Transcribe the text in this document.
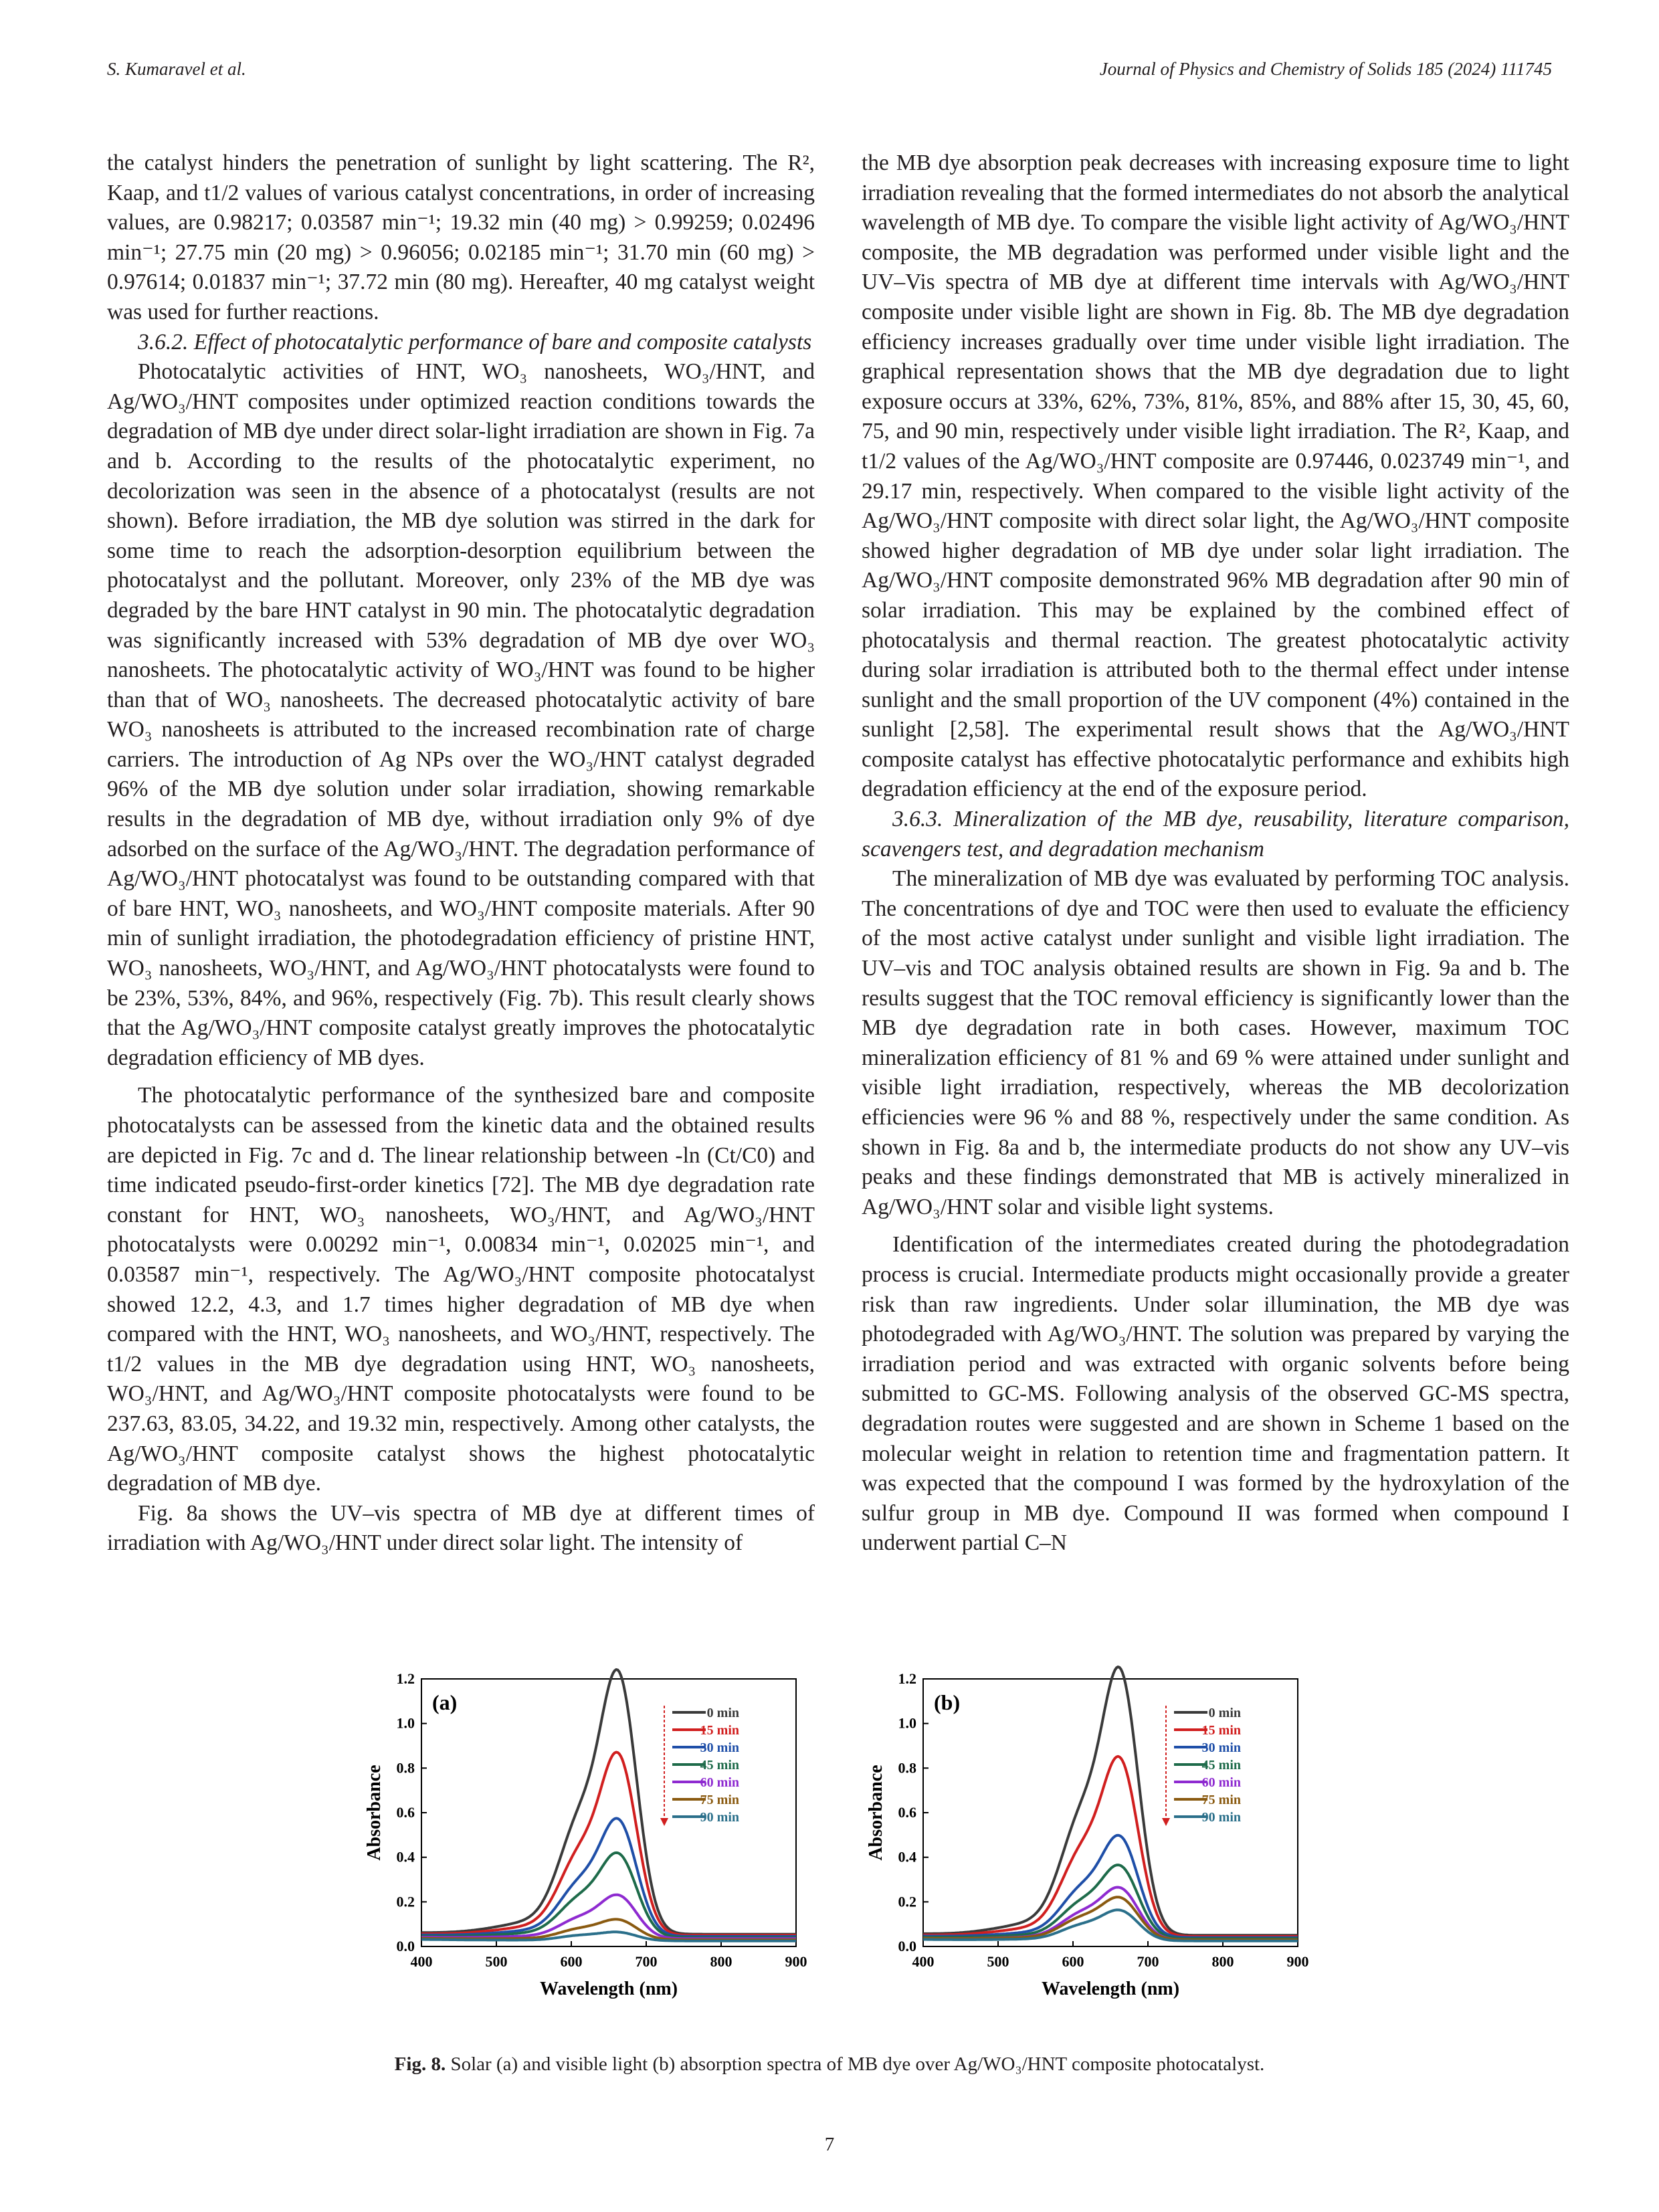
S. Kumaravel et al.	Journal of Physics and Chemistry of Solids 185 (2024) 111745

the catalyst hinders the penetration of sunlight by light scattering. The R², Kaap, and t1/2 values of various catalyst concentrations, in order of increasing values, are 0.98217; 0.03587 min⁻¹; 19.32 min (40 mg) > 0.99259; 0.02496 min⁻¹; 27.75 min (20 mg) > 0.96056; 0.02185 min⁻¹; 31.70 min (60 mg) > 0.97614; 0.01837 min⁻¹; 37.72 min (80 mg). Hereafter, 40 mg catalyst weight was used for further reactions.

3.6.2. Effect of photocatalytic performance of bare and composite catalysts

Photocatalytic activities of HNT, WO₃ nanosheets, WO₃/HNT, and Ag/WO₃/HNT composites under optimized reaction conditions towards the degradation of MB dye under direct solar-light irradiation are shown in Fig. 7a and b. According to the results of the photocatalytic experiment, no decolorization was seen in the absence of a photocatalyst (results are not shown). Before irradiation, the MB dye solution was stirred in the dark for some time to reach the adsorption-desorption equilibrium between the photocatalyst and the pollutant. Moreover, only 23% of the MB dye was degraded by the bare HNT catalyst in 90 min. The photocatalytic degradation was significantly increased with 53% degradation of MB dye over WO₃ nanosheets. The photocatalytic activity of WO₃/HNT was found to be higher than that of WO₃ nanosheets. The decreased photocatalytic activity of bare WO₃ nanosheets is attributed to the increased recombination rate of charge carriers. The introduction of Ag NPs over the WO₃/HNT catalyst degraded 96% of the MB dye solution under solar irradiation, showing remarkable results in the degradation of MB dye, without irradiation only 9% of dye adsorbed on the surface of the Ag/WO₃/HNT. The degradation performance of Ag/WO₃/HNT photocatalyst was found to be outstanding compared with that of bare HNT, WO₃ nanosheets, and WO₃/HNT composite materials. After 90 min of sunlight irradiation, the photodegradation efficiency of pristine HNT, WO₃ nanosheets, WO₃/HNT, and Ag/WO₃/HNT photocatalysts were found to be 23%, 53%, 84%, and 96%, respectively (Fig. 7b). This result clearly shows that the Ag/WO₃/HNT composite catalyst greatly improves the photocatalytic degradation efficiency of MB dyes.

The photocatalytic performance of the synthesized bare and composite photocatalysts can be assessed from the kinetic data and the obtained results are depicted in Fig. 7c and d. The linear relationship between -ln (Ct/C0) and time indicated pseudo-first-order kinetics [72]. The MB dye degradation rate constant for HNT, WO₃ nanosheets, WO₃/HNT, and Ag/WO₃/HNT photocatalysts were 0.00292 min⁻¹, 0.00834 min⁻¹, 0.02025 min⁻¹, and 0.03587 min⁻¹, respectively. The Ag/WO₃/HNT composite photocatalyst showed 12.2, 4.3, and 1.7 times higher degradation of MB dye when compared with the HNT, WO₃ nanosheets, and WO₃/HNT, respectively. The t1/2 values in the MB dye degradation using HNT, WO₃ nanosheets, WO₃/HNT, and Ag/WO₃/HNT composite photocatalysts were found to be 237.63, 83.05, 34.22, and 19.32 min, respectively. Among other catalysts, the Ag/WO₃/HNT composite catalyst shows the highest photocatalytic degradation of MB dye.

Fig. 8a shows the UV–vis spectra of MB dye at different times of irradiation with Ag/WO₃/HNT under direct solar light. The intensity of

the MB dye absorption peak decreases with increasing exposure time to light irradiation revealing that the formed intermediates do not absorb the analytical wavelength of MB dye. To compare the visible light activity of Ag/WO₃/HNT composite, the MB degradation was performed under visible light and the UV–Vis spectra of MB dye at different time intervals with Ag/WO₃/HNT composite under visible light are shown in Fig. 8b. The MB dye degradation efficiency increases gradually over time under visible light irradiation. The graphical representation shows that the MB dye degradation due to light exposure occurs at 33%, 62%, 73%, 81%, 85%, and 88% after 15, 30, 45, 60, 75, and 90 min, respectively under visible light irradiation. The R², Kaap, and t1/2 values of the Ag/WO₃/HNT composite are 0.97446, 0.023749 min⁻¹, and 29.17 min, respectively. When compared to the visible light activity of the Ag/WO₃/HNT composite with direct solar light, the Ag/WO₃/HNT composite showed higher degradation of MB dye under solar light irradiation. The Ag/WO₃/HNT composite demonstrated 96% MB degradation after 90 min of solar irradiation. This may be explained by the combined effect of photocatalysis and thermal reaction. The greatest photocatalytic activity during solar irradiation is attributed both to the thermal effect under intense sunlight and the small proportion of the UV component (4%) contained in the sunlight [2,58]. The experimental result shows that the Ag/WO₃/HNT composite catalyst has effective photocatalytic performance and exhibits high degradation efficiency at the end of the exposure period.

3.6.3. Mineralization of the MB dye, reusability, literature comparison, scavengers test, and degradation mechanism

The mineralization of MB dye was evaluated by performing TOC analysis. The concentrations of dye and TOC were then used to evaluate the efficiency of the most active catalyst under sunlight and visible light irradiation. The UV–vis and TOC analysis obtained results are shown in Fig. 9a and b. The results suggest that the TOC removal efficiency is significantly lower than the MB dye degradation rate in both cases. However, maximum TOC mineralization efficiency of 81 % and 69 % were attained under sunlight and visible light irradiation, respectively, whereas the MB decolorization efficiencies were 96 % and 88 %, respectively under the same condition. As shown in Fig. 8a and b, the intermediate products do not show any UV–vis peaks and these findings demonstrated that MB is actively mineralized in Ag/WO₃/HNT solar and visible light systems.

Identification of the intermediates created during the photodegradation process is crucial. Intermediate products might occasionally provide a greater risk than raw ingredients. Under solar illumination, the MB dye was photodegraded with Ag/WO₃/HNT. The solution was prepared by varying the irradiation period and was extracted with organic solvents before being submitted to GC-MS. Following analysis of the observed GC-MS spectra, degradation routes were suggested and are shown in Scheme 1 based on the molecular weight in relation to retention time and fragmentation pattern. It was expected that the compound I was formed by the hydroxylation of the sulfur group in MB dye. Compound II was formed when compound I underwent partial C–N

400	500	600	700	800	900
0.0
0.2
0.4
0.6
0.8
1.0
1.2
Wavelength (nm)
Absorbance
(a)	0 min
15 min
30 min
45 min
60 min
75 min
90 min
400	500	600	700	800	900
0.0
0.2
0.4
0.6
0.8
1.0
1.2
Wavelength (nm)
Absorbance
(b)	0 min
15 min
30 min
45 min
60 min
75 min
90 min
Fig. 8. Solar (a) and visible light (b) absorption spectra of MB dye over Ag/WO₃/HNT composite photocatalyst.
7
